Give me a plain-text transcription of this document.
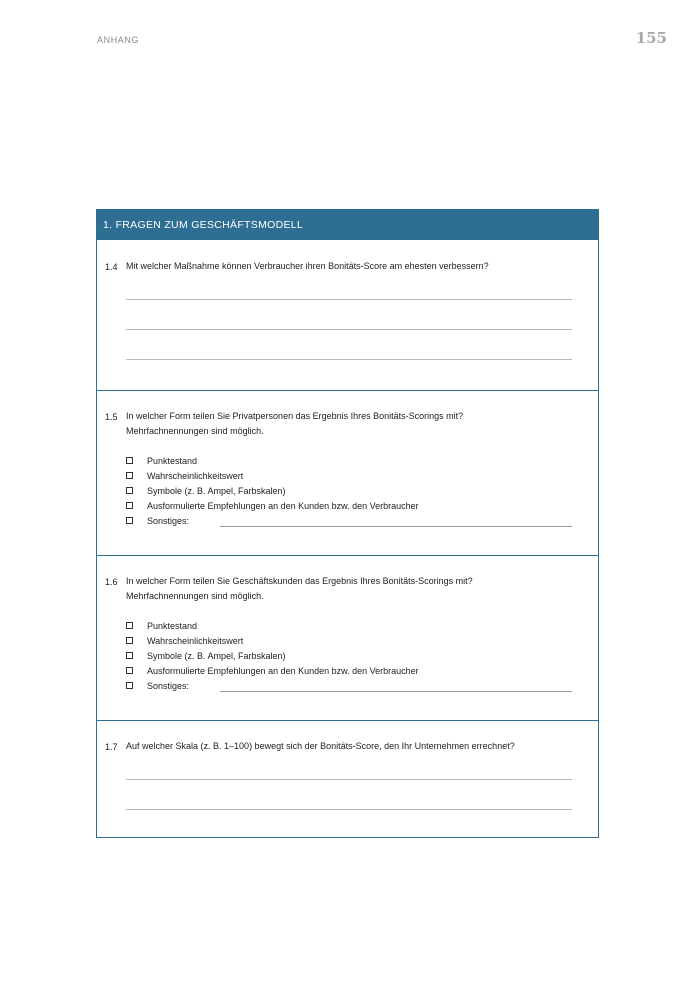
ANHANG	155
1. FRAGEN ZUM GESCHÄFTSMODELL
1.4 Mit welcher Maßnahme können Verbraucher ihren Bonitäts-Score am ehesten verbessern?
1.5 In welcher Form teilen Sie Privatpersonen das Ergebnis Ihres Bonitäts-Scorings mit?
Mehrfachnennungen sind möglich.
Punktestand
Wahrscheinlichkeitswert
Symbole (z. B. Ampel, Farbskalen)
Ausformulierte Empfehlungen an den Kunden bzw. den Verbraucher
Sonstiges:
1.6 In welcher Form teilen Sie Geschäftskunden das Ergebnis Ihres Bonitäts-Scorings mit?
Mehrfachnennungen sind möglich.
Punktestand
Wahrscheinlichkeitswert
Symbole (z. B. Ampel, Farbskalen)
Ausformulierte Empfehlungen an den Kunden bzw. den Verbraucher
Sonstiges:
1.7 Auf welcher Skala (z. B. 1–100) bewegt sich der Bonitäts-Score, den Ihr Unternehmen errechnet?
